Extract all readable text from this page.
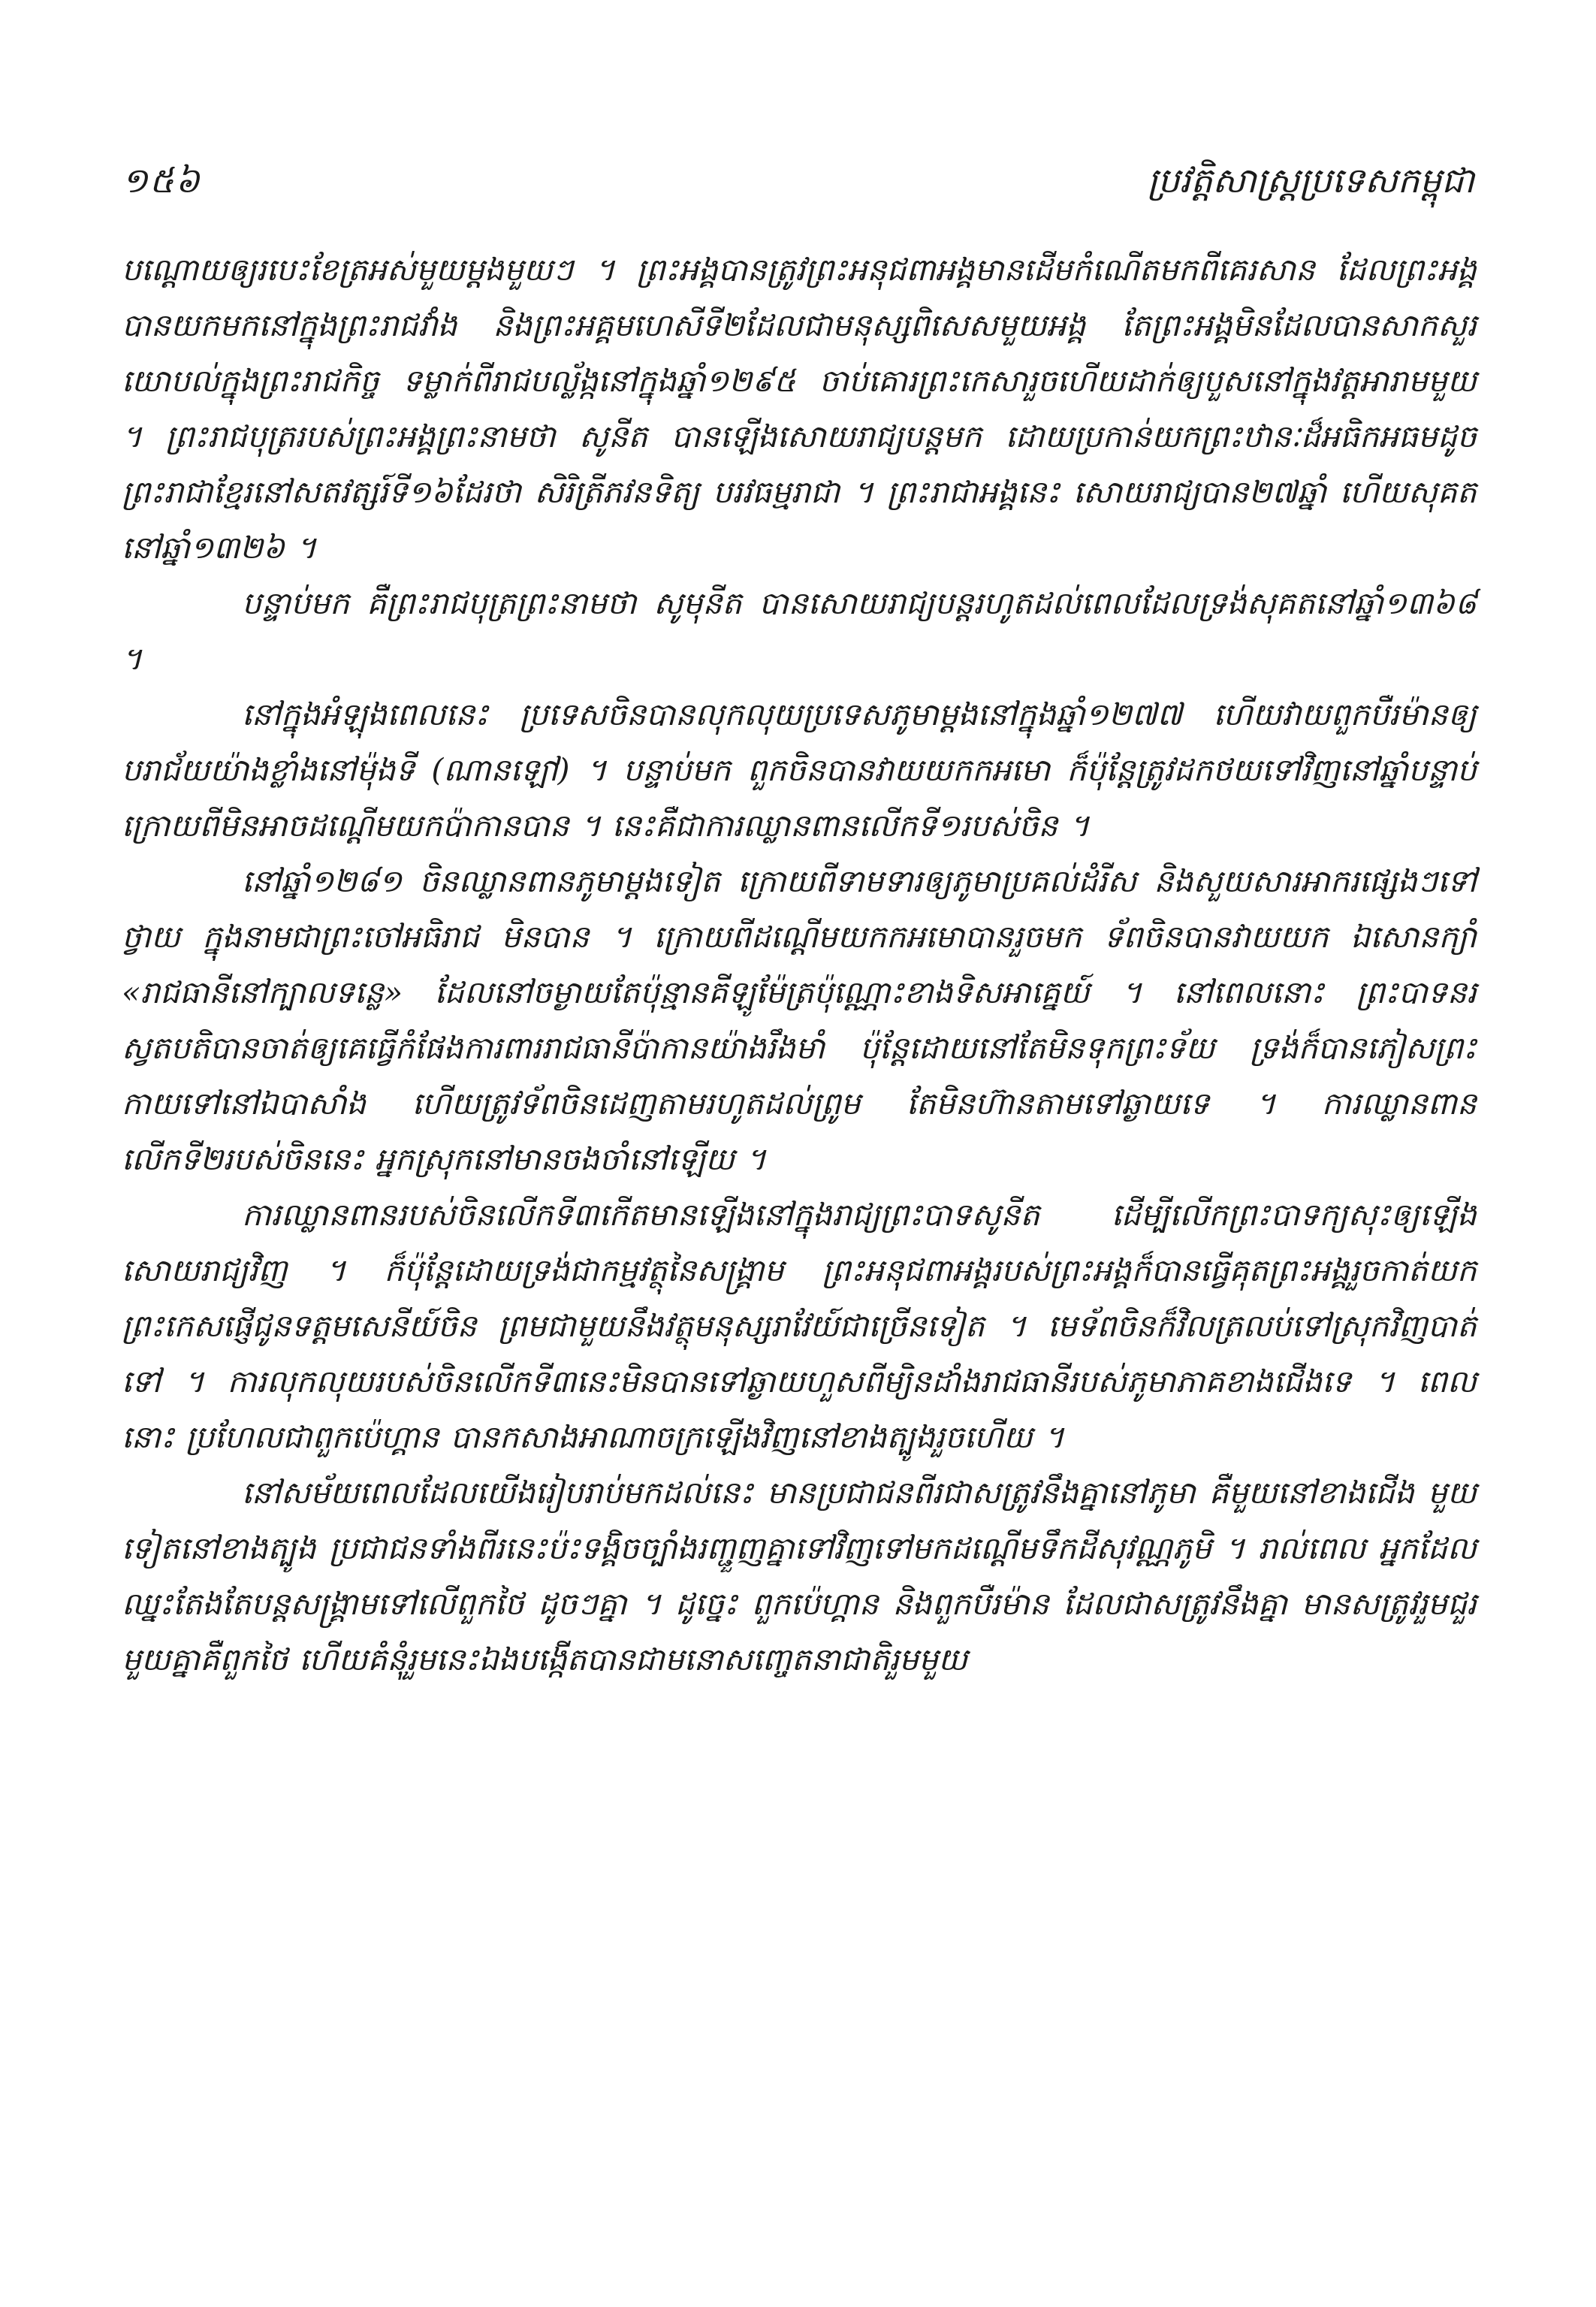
១៥៦	ប្រវត្តិសាស្ត្រប្រទេសកម្ពុជា

បណ្ដោយឲ្យរបេះខែត្រអស់មួយម្តងមួយៗ ។ ព្រះអង្គបានត្រូវព្រះអនុជពាអង្គមានដើមកំណើតមកពីគេរសាន ដែលព្រះអង្គបានយកមកនៅក្នុងព្រះរាជវាំង និងព្រះអគ្គមហេសីទី២ដែលជាមនុស្សពិសេសមួយអង្គ តែព្រះអង្គមិនដែលបានសាកសួរយោបល់ក្នុងព្រះរាជកិច្ច ទម្លាក់ពីរាជបល្ល័ង្កនៅក្នុងឆ្នាំ១២៩៥ ចាប់គោរព្រះកេសារួចហើយដាក់ឲ្យបួសនៅក្នុងវត្តអារាមមួយ ។ ព្រះរាជបុត្ររបស់ព្រះអង្គព្រះនាមថា សូនីត បានឡើងសោយរាជ្យបន្តមក ដោយប្រកាន់យកព្រះឋានៈដ៏អធិកអធមដូចព្រះរាជាខ្មែរនៅសតវត្សរ៍ទី១៦ដែរថា សិរិត្រីភវនទិត្យ បរវធម្មរាជា ។ ព្រះរាជាអង្គនេះ សោយរាជ្យបាន២៧ឆ្នាំ ហើយសុគតនៅឆ្នាំ១៣២៦ ។

បន្ទាប់មក គឺព្រះរាជបុត្រព្រះនាមថា សូមុនីត បានសោយរាជ្យបន្តរហូតដល់ពេលដែលទ្រង់សុគតនៅឆ្នាំ១៣៦៨ ។

នៅក្នុងអំឡុងពេលនេះ ប្រទេសចិនបានលុកលុយប្រទេសភូមាម្តងនៅក្នុងឆ្នាំ១២៧៧ ហើយវាយពួកបឺរម៉ានឲ្យបរាជ័យយ៉ាងខ្លាំងនៅម៉ុងទី (ណានឡៅ) ។ បន្ទាប់មក ពួកចិនបានវាយយកកអមោ ក៏ប៉ុន្តែត្រូវដកថយទៅវិញនៅឆ្នាំបន្ទាប់ ក្រោយពីមិនអាចដណ្ដើមយកប៉ាកានបាន ។ នេះគឺជាការឈ្លានពានលើកទី១របស់ចិន ។

នៅឆ្នាំ១២៨១ ចិនឈ្លានពានភូមាម្តងទៀត ក្រោយពីទាមទារឲ្យភូមាប្រគល់ដំរីស និងសួយសារអាករផ្សេងៗទៅថ្វាយ ក្នុងនាមជាព្រះចៅអធិរាជ មិនបាន ។ ក្រោយពីដណ្ដើមយកកអមោបានរួចមក ទ័ពចិនបានវាយយក ឯសោនក្យាំ «រាជធានីនៅក្បាលទន្លេ» ដែលនៅចម្ងាយតែប៉ុន្មានគីឡូម៉ែត្រប៉ុណ្ណោះខាងទិសអាគ្នេយ៍ ។ នៅពេលនោះ ព្រះបាទនរស្វតបតិបានចាត់ឲ្យគេធ្វើកំផែងការពាររាជធានីប៉ាកានយ៉ាងរឹងមាំ ប៉ុន្តែដោយនៅតែមិនទុកព្រះទ័យ ទ្រង់ក៏បានភៀសព្រះកាយទៅនៅឯបាសាំង ហើយត្រូវទ័ពចិនដេញតាមរហូតដល់ព្រូម តែមិនហ៊ានតាមទៅឆ្ងាយទេ ។ ការឈ្លានពានលើកទី២របស់ចិននេះ អ្នកស្រុកនៅមានចងចាំនៅឡើយ ។

ការឈ្លានពានរបស់ចិនលើកទី៣កើតមានឡើងនៅក្នុងរាជ្យព្រះបាទសូនីត ដើម្បីលើកព្រះបាទក្យសុះឲ្យឡើងសោយរាជ្យវិញ ។ ក៏ប៉ុន្តែដោយទ្រង់ជាកម្មវត្ថុនៃសង្គ្រាម ព្រះអនុជពាអង្គរបស់ព្រះអង្គក៏បានធ្វើគុតព្រះអង្គរួចកាត់យកព្រះកេសផ្ញើជូនទត្តមសេនីយ៍ចិន ព្រមជាមួយនឹងវត្ថុមនុស្សរាវែយ៍ជាច្រើនទៀត ។ មេទ័ពចិនក៏វិលត្រលប់ទៅស្រុកវិញបាត់ទៅ ។ ការលុកលុយរបស់ចិនលើកទី៣នេះមិនបានទៅឆ្ងាយហួសពីម្យិនដាំងរាជធានីរបស់ភូមាភាគខាងជើងទេ ។ ពេលនោះ ប្រហែលជាពួកប៉េហ្គាន បានកសាងអាណាចក្រឡើងវិញនៅខាងត្បូងរួចហើយ ។

នៅសម័យពេលដែលយើងរៀបរាប់មកដល់នេះ មានប្រជាជនពីរជាសត្រូវនឹងគ្នានៅភូមា គឺមួយនៅខាងជើង មួយទៀតនៅខាងត្បូង ប្រជាជនទាំងពីរនេះប៉ះទង្គិចច្បាំងរញ្ជួញគ្នាទៅវិញទៅមកដណ្ដើមទឹកដីសុវណ្ណភូមិ ។ រាល់ពេល អ្នកដែលឈ្នះតែងតែបន្តសង្គ្រាមទៅលើពួកថៃ ដូចៗគ្នា ។ ដូច្នេះ ពួកប៉េហ្គាន និងពួកបឺរម៉ាន ដែលជាសត្រូវនឹងគ្នា មានសត្រូវរួមជួរមួយគ្នាគឺពួកថៃ ហើយគំនុំរួមនេះឯងបង្កើតបានជាមនោសញ្ចេតនាជាតិរួមមួយ
